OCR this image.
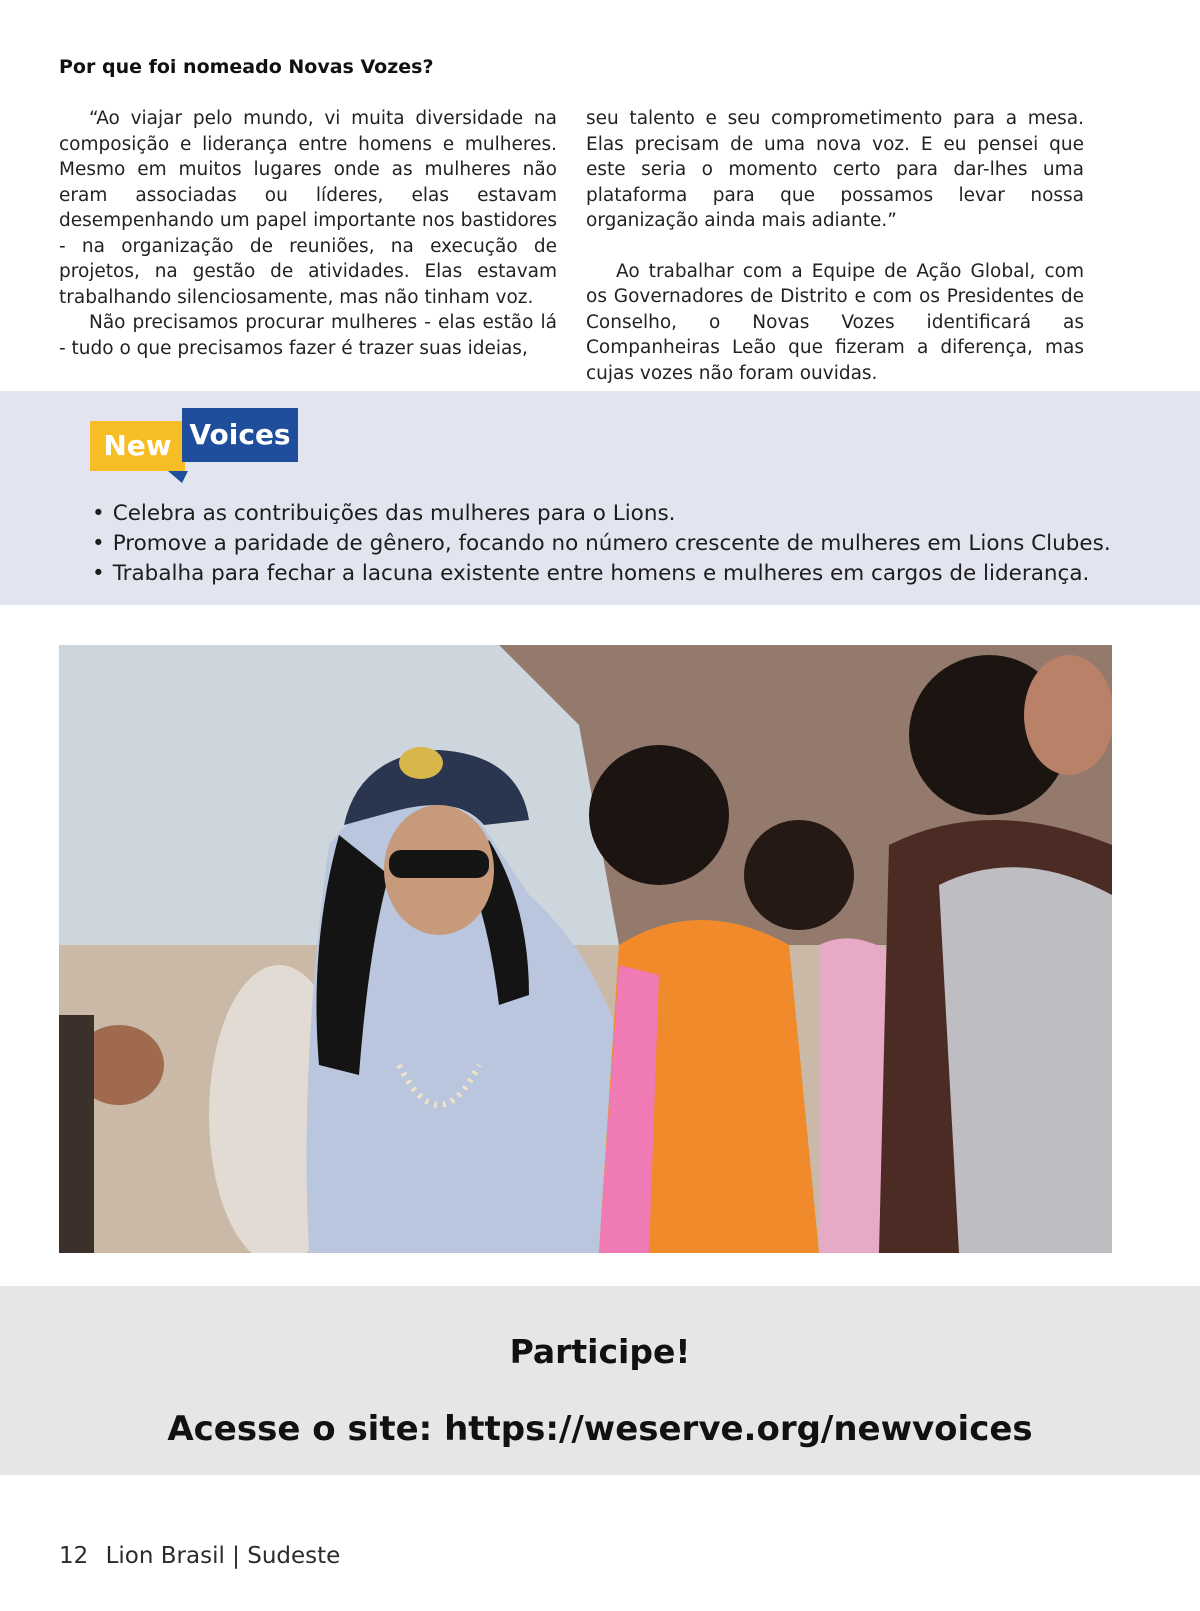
Por que foi nomeado Novas Vozes?

“Ao viajar pelo mundo, vi muita diversidade na composição e liderança entre homens e mulheres. Mesmo em muitos lugares onde as mulheres não eram associadas ou líderes, elas estavam desempenhando um papel importante nos bastidores - na organização de reuniões, na execução de projetos, na gestão de atividades. Elas estavam trabalhando silenciosamente, mas não tinham voz.

Não precisamos procurar mulheres - elas estão lá - tudo o que precisamos fazer é trazer suas ideias,

seu talento e seu comprometimento para a mesa. Elas precisam de uma nova voz. E eu pensei que este seria o momento certo para dar-lhes uma plataforma para que possamos levar nossa organização ainda mais adiante.”

Ao trabalhar com a Equipe de Ação Global, com os Governadores de Distrito e com os Presidentes de Conselho, o Novas Vozes identificará as Companheiras Leão que fizeram a diferença, mas cujas vozes não foram ouvidas.

New Voices
• Celebra as contribuições das mulheres para o Lions.
• Promove a paridade de gênero, focando no número crescente de mulheres em Lions Clubes.
• Trabalha para fechar a lacuna existente entre homens e mulheres em cargos de liderança.
Participe!
Acesse o site: https://weserve.org/newvoices
12 Lion Brasil | Sudeste
